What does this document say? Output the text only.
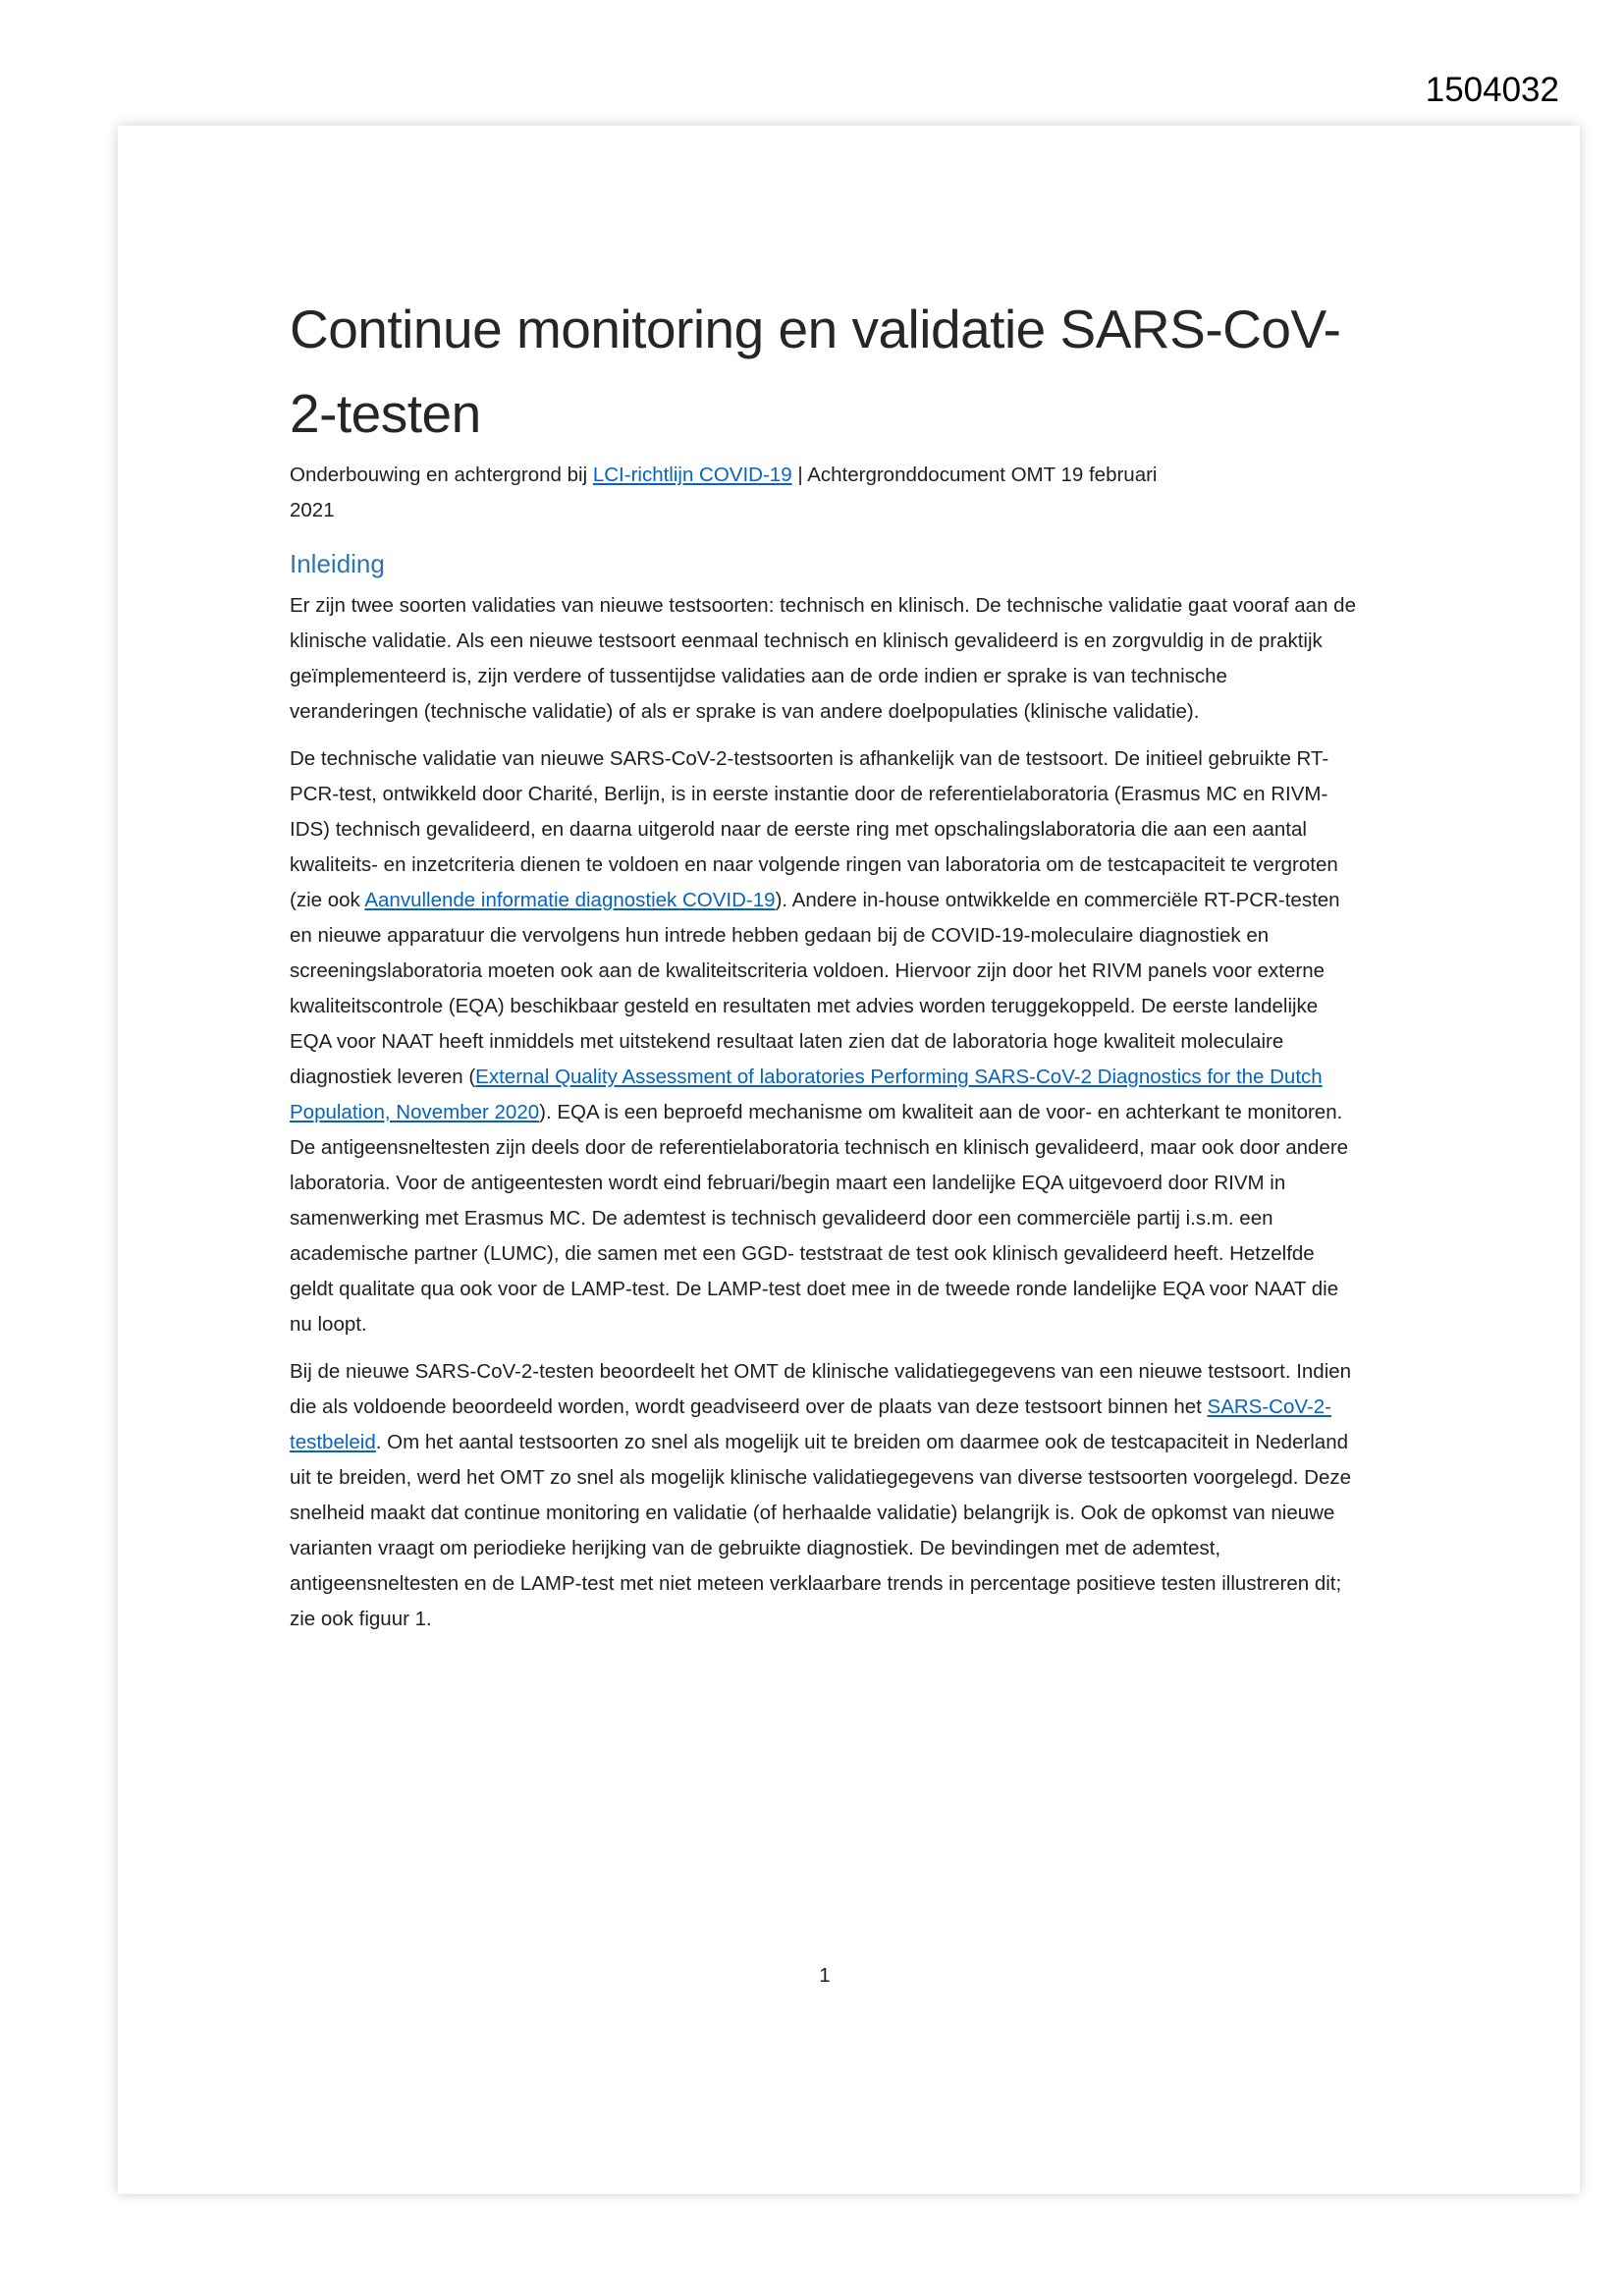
1504032
Continue monitoring en validatie SARS-CoV-2-testen

Onderbouwing en achtergrond bij LCI-richtlijn COVID-19 | Achtergronddocument OMT 19 februari
2021

Inleiding

Er zijn twee soorten validaties van nieuwe testsoorten: technisch en klinisch. De technische validatie gaat vooraf aan de klinische validatie. Als een nieuwe testsoort eenmaal technisch en klinisch gevalideerd is en zorgvuldig in de praktijk geïmplementeerd is, zijn verdere of tussentijdse validaties aan de orde indien er sprake is van technische veranderingen (technische validatie) of als er sprake is van andere doelpopulaties (klinische validatie).

De technische validatie van nieuwe SARS-CoV-2-testsoorten is afhankelijk van de testsoort. De initieel gebruikte RT-PCR-test, ontwikkeld door Charité, Berlijn, is in eerste instantie door de referentielaboratoria (Erasmus MC en RIVM-IDS) technisch gevalideerd, en daarna uitgerold naar de eerste ring met opschalingslaboratoria die aan een aantal kwaliteits- en inzetcriteria dienen te voldoen en naar volgende ringen van laboratoria om de testcapaciteit te vergroten (zie ook Aanvullende informatie diagnostiek COVID-19). Andere in-house ontwikkelde en commerciële RT-PCR-testen en nieuwe apparatuur die vervolgens hun intrede hebben gedaan bij de COVID-19-moleculaire diagnostiek en screeningslaboratoria moeten ook aan de kwaliteitscriteria voldoen. Hiervoor zijn door het RIVM panels voor externe kwaliteitscontrole (EQA) beschikbaar gesteld en resultaten met advies worden teruggekoppeld. De eerste landelijke EQA voor NAAT heeft inmiddels met uitstekend resultaat laten zien dat de laboratoria hoge kwaliteit moleculaire diagnostiek leveren (External Quality Assessment of laboratories Performing SARS-CoV-2 Diagnostics for the Dutch Population, November 2020). EQA is een beproefd mechanisme om kwaliteit aan de voor- en achterkant te monitoren. De antigeensneltesten zijn deels door de referentielaboratoria technisch en klinisch gevalideerd, maar ook door andere laboratoria. Voor de antigeentesten wordt eind februari/begin maart een landelijke EQA uitgevoerd door RIVM in samenwerking met Erasmus MC. De ademtest is technisch gevalideerd door een commerciële partij i.s.m. een academische partner (LUMC), die samen met een GGD- teststraat de test ook klinisch gevalideerd heeft. Hetzelfde geldt qualitate qua ook voor de LAMP-test. De LAMP-test doet mee in de tweede ronde landelijke EQA voor NAAT die nu loopt.

Bij de nieuwe SARS-CoV-2-testen beoordeelt het OMT de klinische validatiegegevens van een nieuwe testsoort. Indien die als voldoende beoordeeld worden, wordt geadviseerd over de plaats van deze testsoort binnen het SARS-CoV-2-testbeleid. Om het aantal testsoorten zo snel als mogelijk uit te breiden om daarmee ook de testcapaciteit in Nederland uit te breiden, werd het OMT zo snel als mogelijk klinische validatiegegevens van diverse testsoorten voorgelegd. Deze snelheid maakt dat continue monitoring en validatie (of herhaalde validatie) belangrijk is. Ook de opkomst van nieuwe varianten vraagt om periodieke herijking van de gebruikte diagnostiek. De bevindingen met de ademtest, antigeensneltesten en de LAMP-test met niet meteen verklaarbare trends in percentage positieve testen illustreren dit; zie ook figuur 1.

1
